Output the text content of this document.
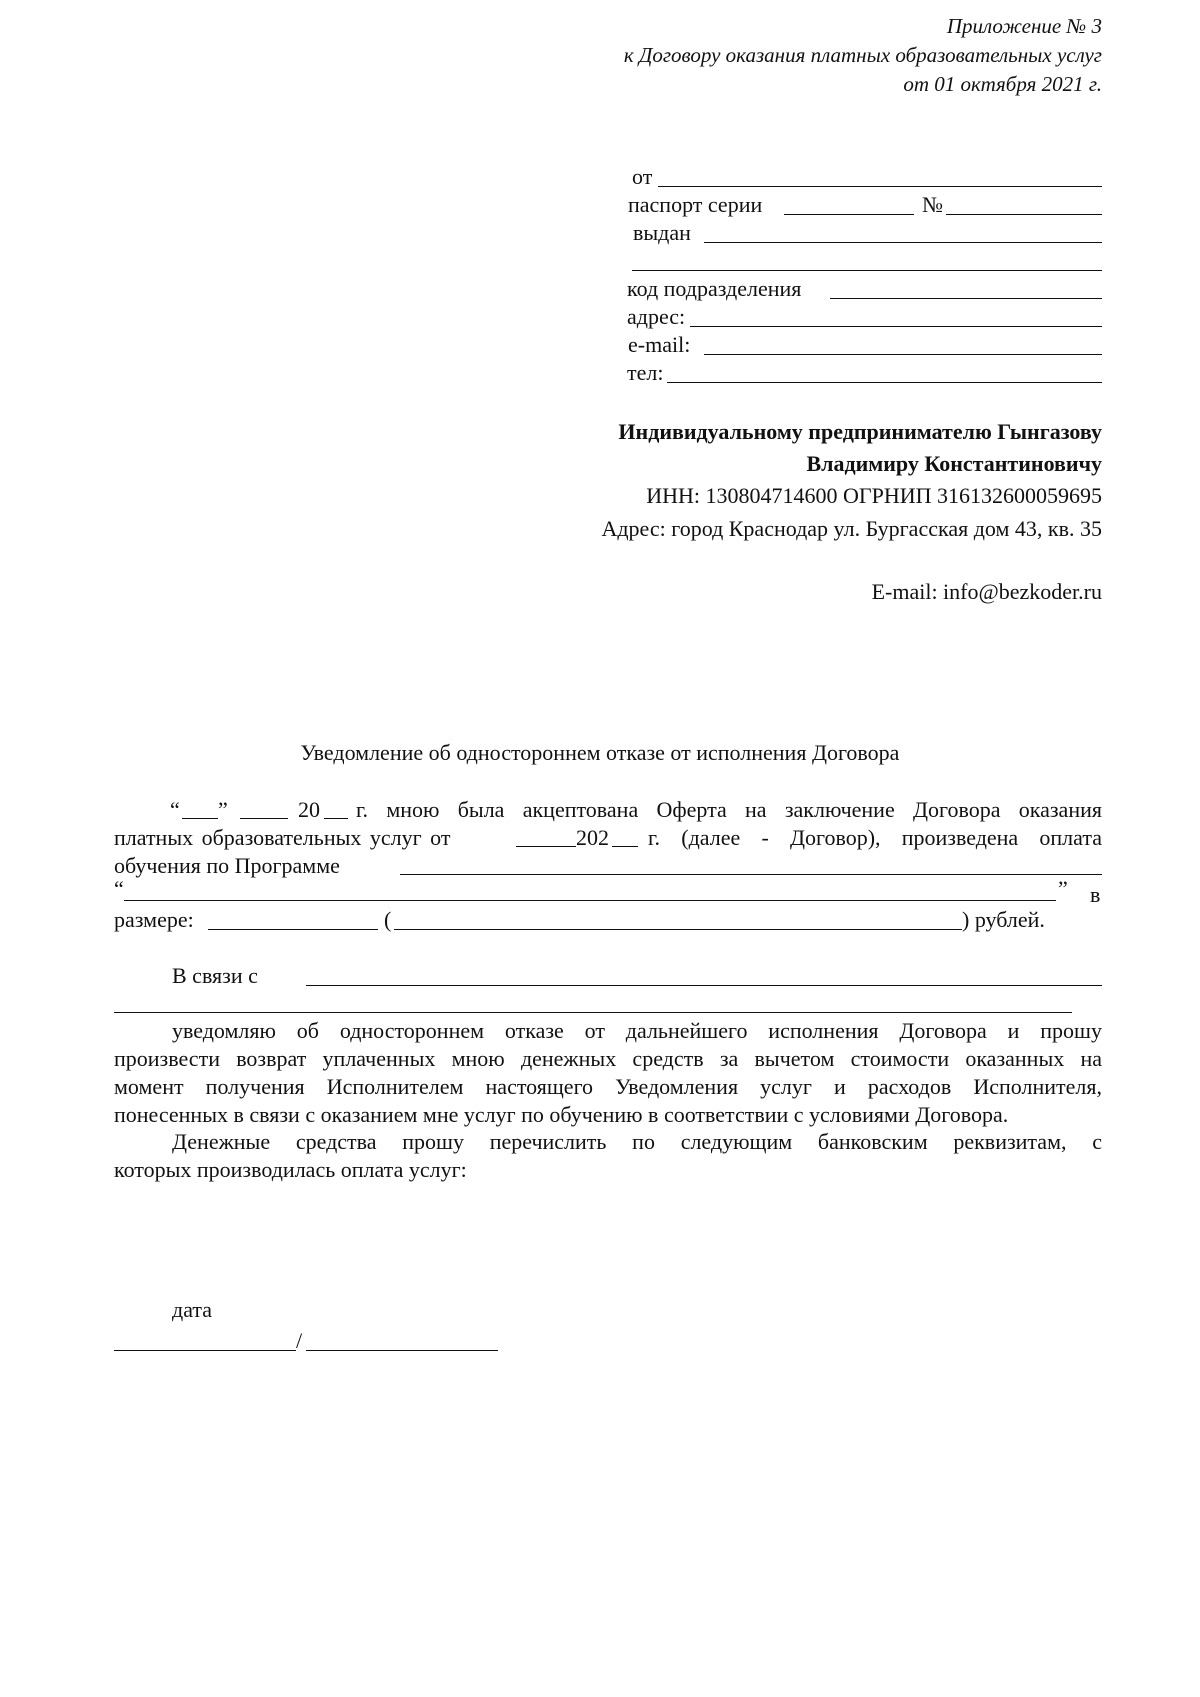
Приложение № 3
к Договору оказания платных образовательных услуг
от 01 октября 2021 г.
от
паспорт серии	№
выдан
код подразделения
адрес:
e-mail:
тел:
Индивидуальному предпринимателю Гынгазову
Владимиру Константиновичу
ИНН: 130804714600 ОГРНИП 316132600059695
Адрес: город Краснодар ул. Бургасская дом 43, кв. 35
E-mail: info@bezkoder.ru
Уведомление об одностороннем отказе от исполнения Договора
“ ”	20 г. мною была акцептована Оферта на заключение Договора оказания
платных образовательных услуг от	202 г. (далее - Договор), произведена оплата
обучения по Программе
“	” в
размере:	(	) рублей.
В связи с
уведомляю об одностороннем отказе от дальнейшего исполнения Договора и прошу
произвести возврат уплаченных мною денежных средств за вычетом стоимости оказанных на
момент получения Исполнителем настоящего Уведомления услуг и расходов Исполнителя,
понесенных в связи с оказанием мне услуг по обучению в соответствии с условиями Договора.
Денежные средства прошу перечислить по следующим банковским реквизитам, с
которых производилась оплата услуг:
дата
/
